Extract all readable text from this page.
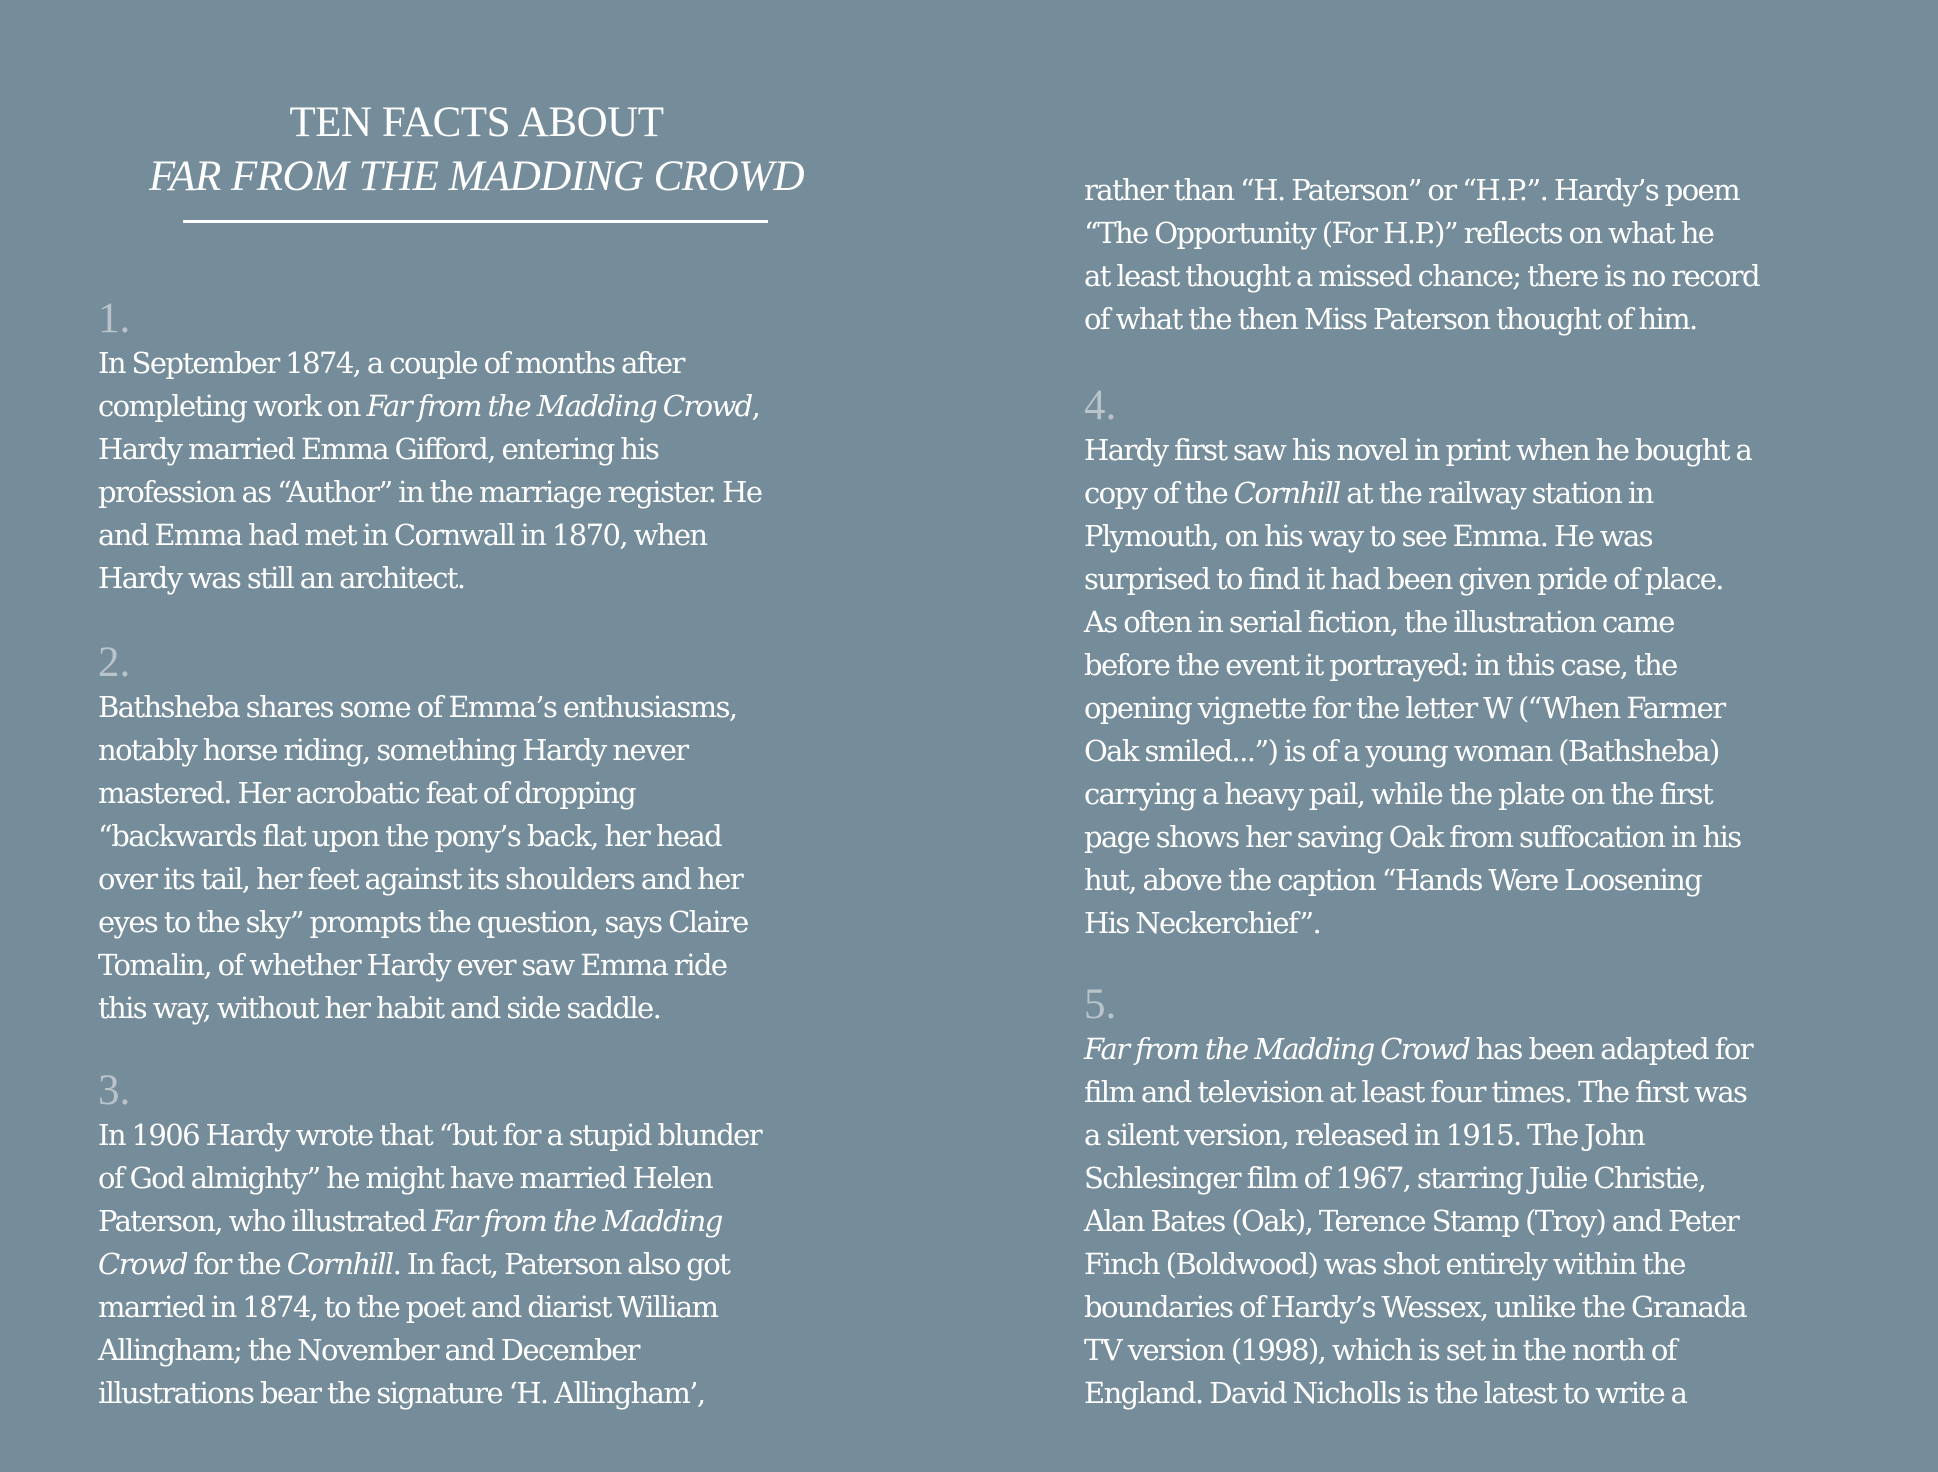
TEN FACTS ABOUT
FAR FROM THE MADDING CROWD
1.
In September 1874, a couple of months after
completing work on Far from the Madding Crowd,
Hardy married Emma Gifford, entering his
profession as “Author” in the marriage register. He
and Emma had met in Cornwall in 1870, when
Hardy was still an architect.
2.
Bathsheba shares some of Emma’s enthusiasms,
notably horse riding, something Hardy never
mastered. Her acrobatic feat of dropping
“backwards flat upon the pony’s back, her head
over its tail, her feet against its shoulders and her
eyes to the sky” prompts the question, says Claire
Tomalin, of whether Hardy ever saw Emma ride
this way, without her habit and side saddle.
3.
In 1906 Hardy wrote that “but for a stupid blunder
of God almighty” he might have married Helen
Paterson, who illustrated Far from the Madding
Crowd for the Cornhill. In fact, Paterson also got
married in 1874, to the poet and diarist William
Allingham; the November and December
illustrations bear the signature ‘H. Allingham’,
rather than “H. Paterson” or “H.P.”. Hardy’s poem
“The Opportunity (For H.P.)” reflects on what he
at least thought a missed chance; there is no record
of what the then Miss Paterson thought of him.
4.
Hardy first saw his novel in print when he bought a
copy of the Cornhill at the railway station in
Plymouth, on his way to see Emma. He was
surprised to find it had been given pride of place.
As often in serial fiction, the illustration came
before the event it portrayed: in this case, the
opening vignette for the letter W (“When Farmer
Oak smiled...”) is of a young woman (Bathsheba)
carrying a heavy pail, while the plate on the first
page shows her saving Oak from suffocation in his
hut, above the caption “Hands Were Loosening
His Neckerchief”.
5.
Far from the Madding Crowd has been adapted for
film and television at least four times. The first was
a silent version, released in 1915. The John
Schlesinger film of 1967, starring Julie Christie,
Alan Bates (Oak), Terence Stamp (Troy) and Peter
Finch (Boldwood) was shot entirely within the
boundaries of Hardy’s Wessex, unlike the Granada
TV version (1998), which is set in the north of
England. David Nicholls is the latest to write a
